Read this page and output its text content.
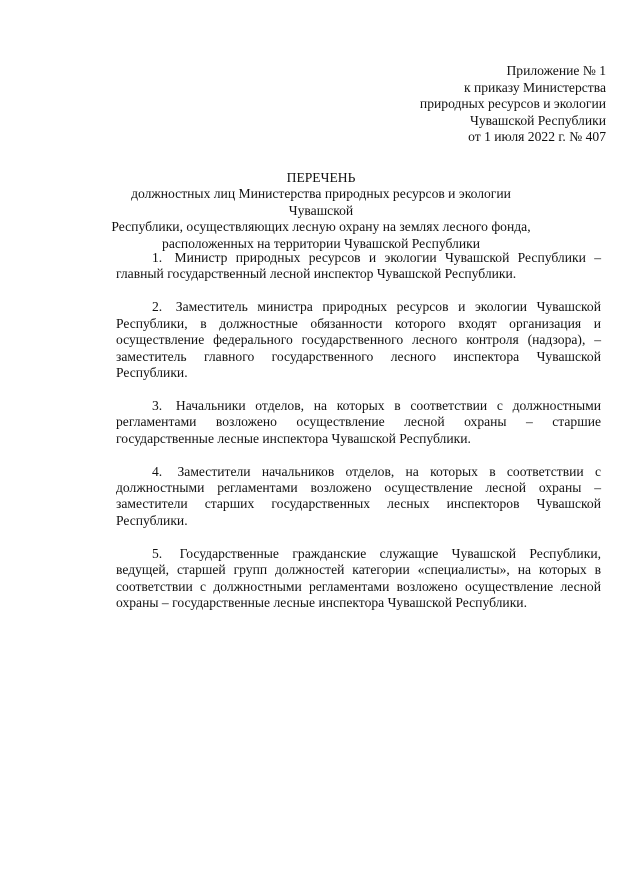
Приложение № 1
к приказу Министерства
природных ресурсов и экологии
Чувашской Республики
от 1 июля 2022 г. № 407
ПЕРЕЧЕНЬ
должностных лиц Министерства природных ресурсов и экологии Чувашской
Республики, осуществляющих лесную охрану на землях лесного фонда,
расположенных на территории Чувашской Республики

1. Министр природных ресурсов и экологии Чувашской Республики – главный государственный лесной инспектор Чувашской Республики.

2. Заместитель министра природных ресурсов и экологии Чувашской Республики, в должностные обязанности которого входят организация и осуществление федерального государственного лесного контроля (надзора), – заместитель главного государственного лесного инспектора Чувашской Республики.

3. Начальники отделов, на которых в соответствии с должностными регламентами возложено осуществление лесной охраны – старшие государственные лесные инспектора Чувашской Республики.

4. Заместители начальников отделов, на которых в соответствии с должностными регламентами возложено осуществление лесной охраны – заместители старших государственных лесных инспекторов Чувашской Республики.

5. Государственные гражданские служащие Чувашской Республики, ведущей, старшей групп должностей категории «специалисты», на которых в соответствии с должностными регламентами возложено осуществление лесной охраны – государственные лесные инспектора Чувашской Республики.
